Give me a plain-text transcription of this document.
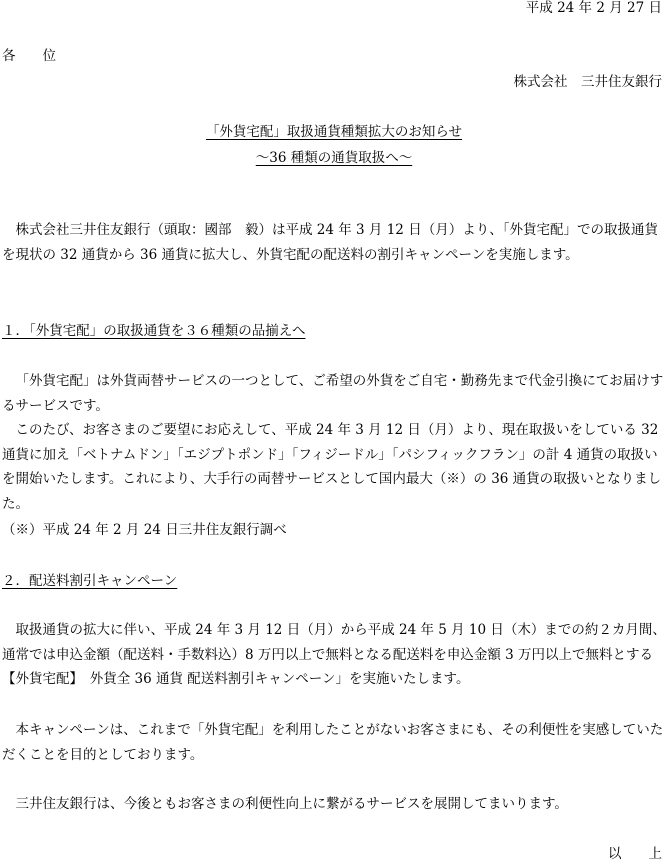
平成 24 年 2 月 27 日

各　　位

株式会社　三井住友銀行

「外貨宅配」取扱通貨種類拡大のお知らせ

～36 種類の通貨取扱へ～

株式会社三井住友銀行（頭取：國部　毅）は平成 24 年 3 月 12 日（月）より、「外貨宅配」での取扱通貨を現状の 32 通貨から 36 通貨に拡大し、外貨宅配の配送料の割引キャンペーンを実施します。

１．「外貨宅配」の取扱通貨を３６種類の品揃えへ

「外貨宅配」は外貨両替サービスの一つとして、ご希望の外貨をご自宅・勤務先まで代金引換にてお届けするサービスです。

このたび、お客さまのご要望にお応えして、平成 24 年 3 月 12 日（月）より、現在取扱いをしている 32 通貨に加え「ベトナムドン」「エジプトポンド」「フィジードル」「パシフィックフラン」の計 4 通貨の取扱いを開始いたします。これにより、大手行の両替サービスとして国内最大（※）の 36 通貨の取扱いとなりました。

（※）平成 24 年 2 月 24 日三井住友銀行調べ

２．配送料割引キャンペーン

取扱通貨の拡大に伴い、平成 24 年 3 月 12 日（月）から平成 24 年 5 月 10 日（木）までの約２カ月間、通常では申込金額（配送料・手数料込）8 万円以上で無料となる配送料を申込金額 3 万円以上で無料とする【外貨宅配】　外貨全 36 通貨 配送料割引キャンペーン」を実施いたします。

本キャンペーンは、これまで「外貨宅配」を利用したことがないお客さまにも、その利便性を実感していただくことを目的としております。

三井住友銀行は、今後ともお客さまの利便性向上に繋がるサービスを展開してまいります。

以　　上
